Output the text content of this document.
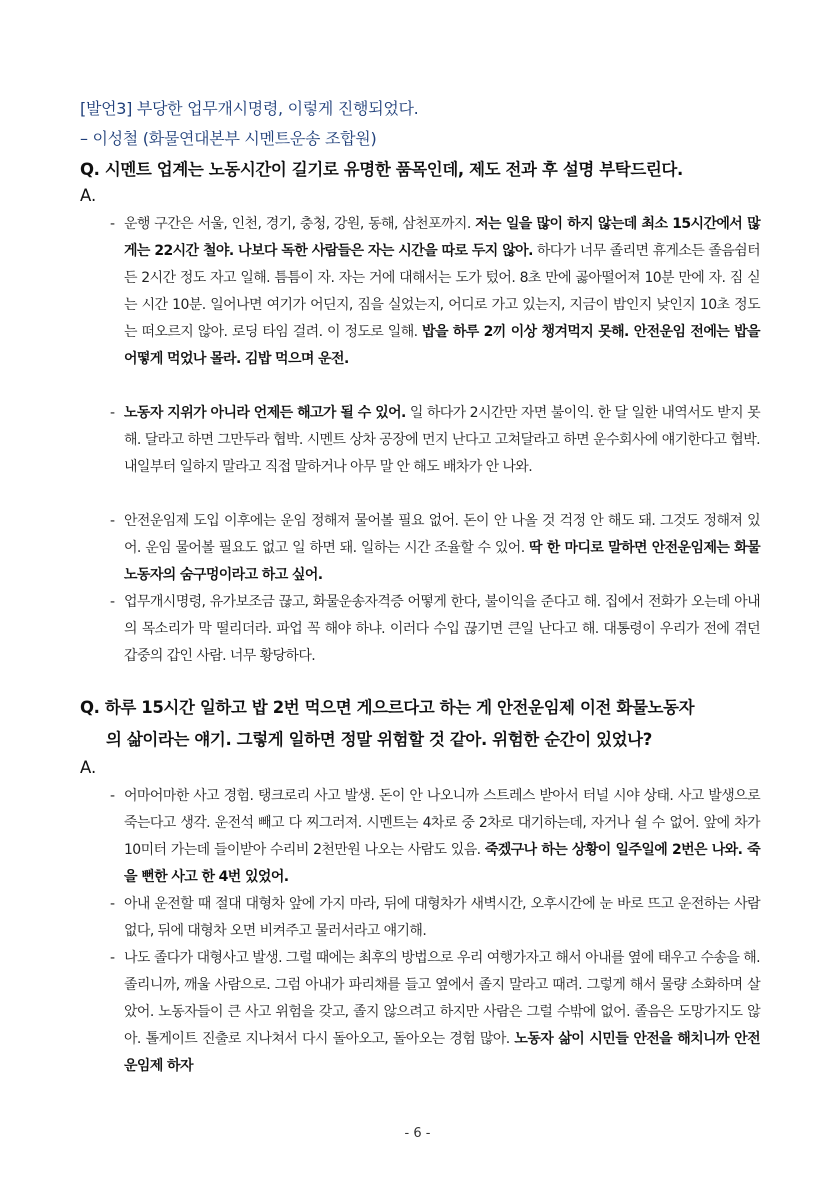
[발언3] 부당한 업무개시명령, 이렇게 진행되었다.
– 이성철 (화물연대본부 시멘트운송 조합원)
Q. 시멘트 업계는 노동시간이 길기로 유명한 품목인데, 제도 전과 후 설명 부탁드린다.
A.
- 운행 구간은 서울, 인천, 경기, 충청, 강원, 동해, 삼천포까지. 저는 일을 많이 하지 않는데 최소 15시간에서 많게는 22시간 철야. 나보다 독한 사람들은 자는 시간을 따로 두지 않아. 하다가 너무 졸리면 휴게소든 졸음쉼터든 2시간 정도 자고 일해. 틈틈이 자. 자는 거에 대해서는 도가 텄어. 8초 만에 곯아떨어져 10분 만에 자. 짐 싣는 시간 10분. 일어나면 여기가 어딘지, 짐을 실었는지, 어디로 가고 있는지, 지금이 밤인지 낮인지 10초 정도는 떠오르지 않아. 로딩 타임 걸려. 이 정도로 일해. 밥을 하루 2끼 이상 챙겨먹지 못해. 안전운임 전에는 밥을 어떻게 먹었나 몰라. 김밥 먹으며 운전.
- 노동자 지위가 아니라 언제든 해고가 될 수 있어. 일 하다가 2시간만 자면 불이익. 한 달 일한 내역서도 받지 못해. 달라고 하면 그만두라 협박. 시멘트 상차 공장에 먼지 난다고 고쳐달라고 하면 운수회사에 얘기한다고 협박. 내일부터 일하지 말라고 직접 말하거나 아무 말 안 해도 배차가 안 나와.
- 안전운임제 도입 이후에는 운임 정해져 물어볼 필요 없어. 돈이 안 나올 것 걱정 안 해도 돼. 그것도 정해져 있어. 운임 물어볼 필요도 없고 일 하면 돼. 일하는 시간 조율할 수 있어. 딱 한 마디로 말하면 안전운임제는 화물노동자의 숨구멍이라고 하고 싶어.
- 업무개시명령, 유가보조금 끊고, 화물운송자격증 어떻게 한다, 불이익을 준다고 해. 집에서 전화가 오는데 아내의 목소리가 막 떨리더라. 파업 꼭 해야 하냐. 이러다 수입 끊기면 큰일 난다고 해. 대통령이 우리가 전에 겪던 갑중의 갑인 사람. 너무 황당하다.
Q. 하루 15시간 일하고 밥 2번 먹으면 게으르다고 하는 게 안전운임제 이전 화물노동자
의 삶이라는 얘기. 그렇게 일하면 정말 위험할 것 같아. 위험한 순간이 있었나?
A.
- 어마어마한 사고 경험. 탱크로리 사고 발생. 돈이 안 나오니까 스트레스 받아서 터널 시야 상태. 사고 발생으로 죽는다고 생각. 운전석 빼고 다 찌그러져. 시멘트는 4차로 중 2차로 대기하는데, 자거나 쉴 수 없어. 앞에 차가 10미터 가는데 들이받아 수리비 2천만원 나오는 사람도 있음. 죽겠구나 하는 상황이 일주일에 2번은 나와. 죽을 뻔한 사고 한 4번 있었어.
- 아내 운전할 때 절대 대형차 앞에 가지 마라, 뒤에 대형차가 새벽시간, 오후시간에 눈 바로 뜨고 운전하는 사람 없다, 뒤에 대형차 오면 비켜주고 물러서라고 얘기해.
- 나도 졸다가 대형사고 발생. 그럴 때에는 최후의 방법으로 우리 여행가자고 해서 아내를 옆에 태우고 수송을 해. 졸리니까, 깨울 사람으로. 그럼 아내가 파리채를 들고 옆에서 졸지 말라고 때려. 그렇게 해서 물량 소화하며 살았어. 노동자들이 큰 사고 위험을 갖고, 졸지 않으려고 하지만 사람은 그럴 수밖에 없어. 졸음은 도망가지도 않아. 톨게이트 진출로 지나쳐서 다시 돌아오고, 돌아오는 경험 많아. 노동자 삶이 시민들 안전을 해치니까 안전운임제 하자
- 6 -
